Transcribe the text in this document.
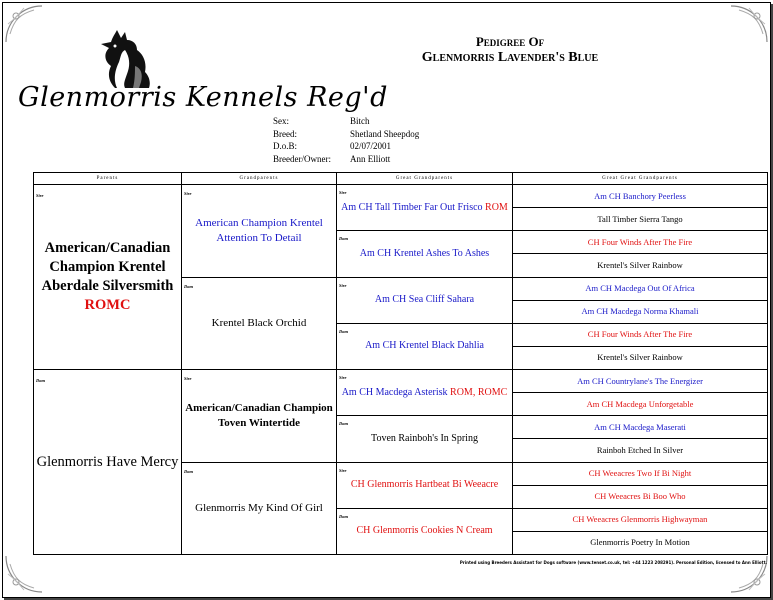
Glenmorris Kennels Reg'd
Pedigree Of
Glenmorris Lavender's Blue
Sex:	Bitch
Breed:	Shetland Sheepdog
D.o.B:	02/07/2001
Breeder/Owner:	Ann Elliott
Parents	Grandparents	Great Grandparents	Great Great Grandparents

Sire
American/Canadian Champion Krentel Aberdale Silversmith ROMC	Sire
American Champion Krentel Attention To Detail	Sire
Am CH Tall Timber Far Out Frisco ROM	Am CH Banchory Peerless
			Tall Timber Sierra Tango

		Dam
Am CH Krentel Ashes To Ashes	CH Four Winds After The Fire
			Krentel's Silver Rainbow

	Dam
Krentel Black Orchid	Sire
Am CH Sea Cliff Sahara	Am CH Macdega Out Of Africa
			Am CH Macdega Norma Khamali

		Dam
Am CH Krentel Black Dahlia	CH Four Winds After The Fire
			Krentel's Silver Rainbow

Dam
Glenmorris Have Mercy	Sire
American/Canadian Champion Toven Wintertide	Sire
Am CH Macdega Asterisk ROM, ROMC	Am CH Countrylane's The Energizer
			Am CH Macdega Unforgetable

		Dam
Toven Rainboh's In Spring	Am CH Macdega Maserati
			Rainboh Etched In Silver

	Dam
Glenmorris My Kind Of Girl	Sire
CH Glenmorris Hartbeat Bi Weeacre	CH Weeacres Two If Bi Night
			CH Weeacres Bi Boo Who

		Dam
CH Glenmorris Cookies N Cream	CH Weeacres Glenmorris Highwayman
			Glenmorris Poetry In Motion
Printed using Breeders Assistant for Dogs software (www.tenset.co.uk, tel: +44 1223 208291). Personal Edition, licensed to Ann Elliott.
